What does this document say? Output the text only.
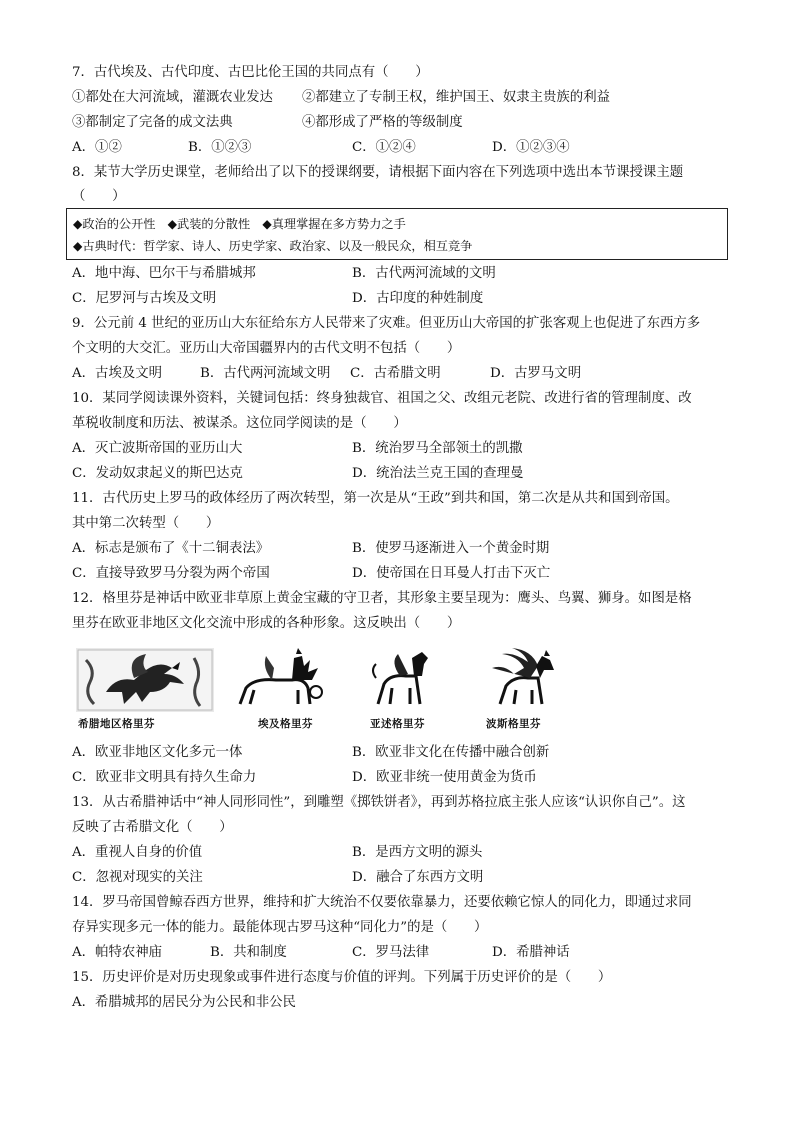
7．古代埃及、古代印度、古巴比伦王国的共同点有（　　）
①都处在大河流域，灌溉农业发达 ②都建立了专制王权，维护国王、奴隶主贵族的利益
③都制定了完备的成文法典	④都形成了严格的等级制度
A．①②	B．①②③	C．①②④	D．①②③④
8．某节大学历史课堂，老师给出了以下的授课纲要，请根据下面内容在下列选项中选出本节课授课主题
（　　）
◆政治的公开性　◆武装的分散性　◆真理掌握在多方势力之手
◆古典时代：哲学家、诗人、历史学家、政治家、以及一般民众，相互竞争
A．地中海、巴尔干与希腊城邦	B．古代两河流域的文明
C．尼罗河与古埃及文明	D．古印度的种姓制度
9．公元前 4 世纪的亚历山大东征给东方人民带来了灾难。但亚历山大帝国的扩张客观上也促进了东西方多
个文明的大交汇。亚历山大帝国疆界内的古代文明不包括（　　）
A．古埃及文明	B．古代两河流域文明 C．古希腊文明	D．古罗马文明
10．某同学阅读课外资料，关键词包括：终身独裁官、祖国之父、改组元老院、改进行省的管理制度、改
革税收制度和历法、被谋杀。这位同学阅读的是（　　）
A．灭亡波斯帝国的亚历山大	B．统治罗马全部领土的凯撒
C．发动奴隶起义的斯巴达克	D．统治法兰克王国的查理曼
11．古代历史上罗马的政体经历了两次转型，第一次是从“王政”到共和国，第二次是从共和国到帝国。
其中第二次转型（　　）
A．标志是颁布了《十二铜表法》	B．使罗马逐渐进入一个黄金时期
C．直接导致罗马分裂为两个帝国	D．使帝国在日耳曼人打击下灭亡
12．格里芬是神话中欧亚非草原上黄金宝藏的守卫者，其形象主要呈现为：鹰头、鸟翼、狮身。如图是格
里芬在欧亚非地区文化交流中形成的各种形象。这反映出（　　）
希腊地区格里芬	埃及格里芬	亚述格里芬	波斯格里芬
A．欧亚非地区文化多元一体	B．欧亚非文化在传播中融合创新
C．欧亚非文明具有持久生命力	D．欧亚非统一使用黄金为货币
13．从古希腊神话中“神人同形同性”，到雕塑《掷铁饼者》，再到苏格拉底主张人应该“认识你自己”。这
反映了古希腊文化（　　）
A．重视人自身的价值	B．是西方文明的源头
C．忽视对现实的关注	D．融合了东西方文明
14．罗马帝国曾鲸吞西方世界，维持和扩大统治不仅要依靠暴力，还要依赖它惊人的同化力，即通过求同
存异实现多元一体的能力。最能体现古罗马这种“同化力”的是（　　）
A．帕特农神庙	B．共和制度	C．罗马法律	D．希腊神话
15．历史评价是对历史现象或事件进行态度与价值的评判。下列属于历史评价的是（　　）
A．希腊城邦的居民分为公民和非公民
